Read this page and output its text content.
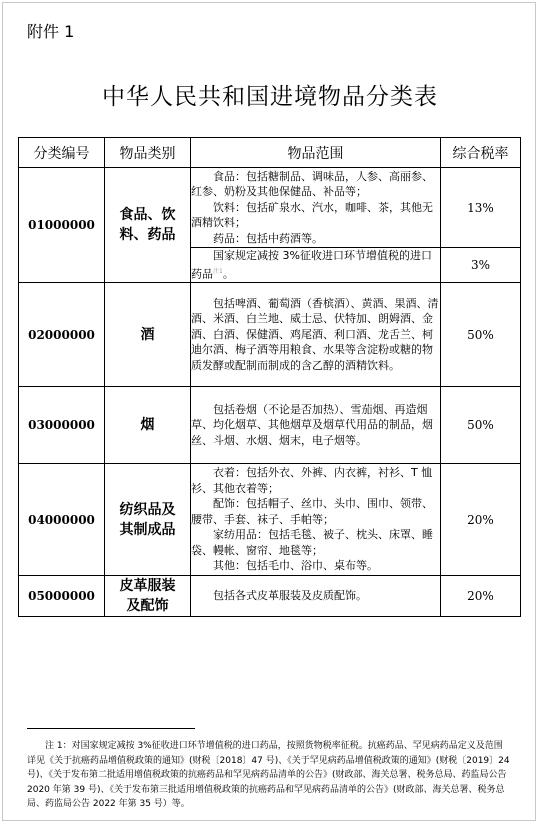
附件 1
中华人民共和国进境物品分类表
分类编号	物品类别	物品范围	综合税率
01000000	食品、饮料、药品	食品：包括糖制品、调味品，人参、高丽参、红参、奶粉及其他保健品、补品等；

饮料：包括矿泉水、汽水，咖啡、茶，其他无酒精饮料；

药品：包括中药酒等。	13%

		国家规定减按 3%征收进口环节增值税的进口药品$^{注1}$。	3%
02000000	酒	包括啤酒、葡萄酒（香槟酒）、黄酒、果酒、清酒、米酒、白兰地、威士忌、伏特加、朗姆酒、金酒、白酒、保健酒、鸡尾酒、利口酒、龙舌兰、柯迪尔酒、梅子酒等用粮食、水果等含淀粉或糖的物质发酵或配制而制成的含乙醇的酒精饮料。	50%
03000000	烟	包括卷烟（不论是否加热）、雪茄烟、再造烟草、均化烟草、其他烟草及烟草代用品的制品，烟丝、斗烟、水烟、烟末，电子烟等。	50%
04000000	纺织品及其制成品	衣着：包括外衣、外裤、内衣裤，衬衫、T 恤衫、其他衣着等；

配饰：包括帽子、丝巾、头巾、围巾、领带、腰带、手套、袜子、手帕等；

家纺用品：包括毛毯、被子、枕头、床罩、睡袋、幔帐、窗帘、地毯等；

其他：包括毛巾、浴巾、桌布等。	20%
05000000	皮革服装及配饰	包括各式皮革服装及皮质配饰。	20%
注 1：对国家规定减按 3%征收进口环节增值税的进口药品，按照货物税率征税。抗癌药品、罕见病药品定义及范围详见《关于抗癌药品增值税政策的通知》(财税〔2018〕47 号)、《关于罕见病药品增值税政策的通知》(财税〔2019〕24 号)、《关于发布第二批适用增值税政策的抗癌药品和罕见病药品清单的公告》(财政部、海关总署、税务总局、药监局公告 2020 年第 39 号)、《关于发布第三批适用增值税政策的抗癌药品和罕见病药品清单的公告》(财政部、海关总署、税务总局、药监局公告 2022 年第 35 号）等。
